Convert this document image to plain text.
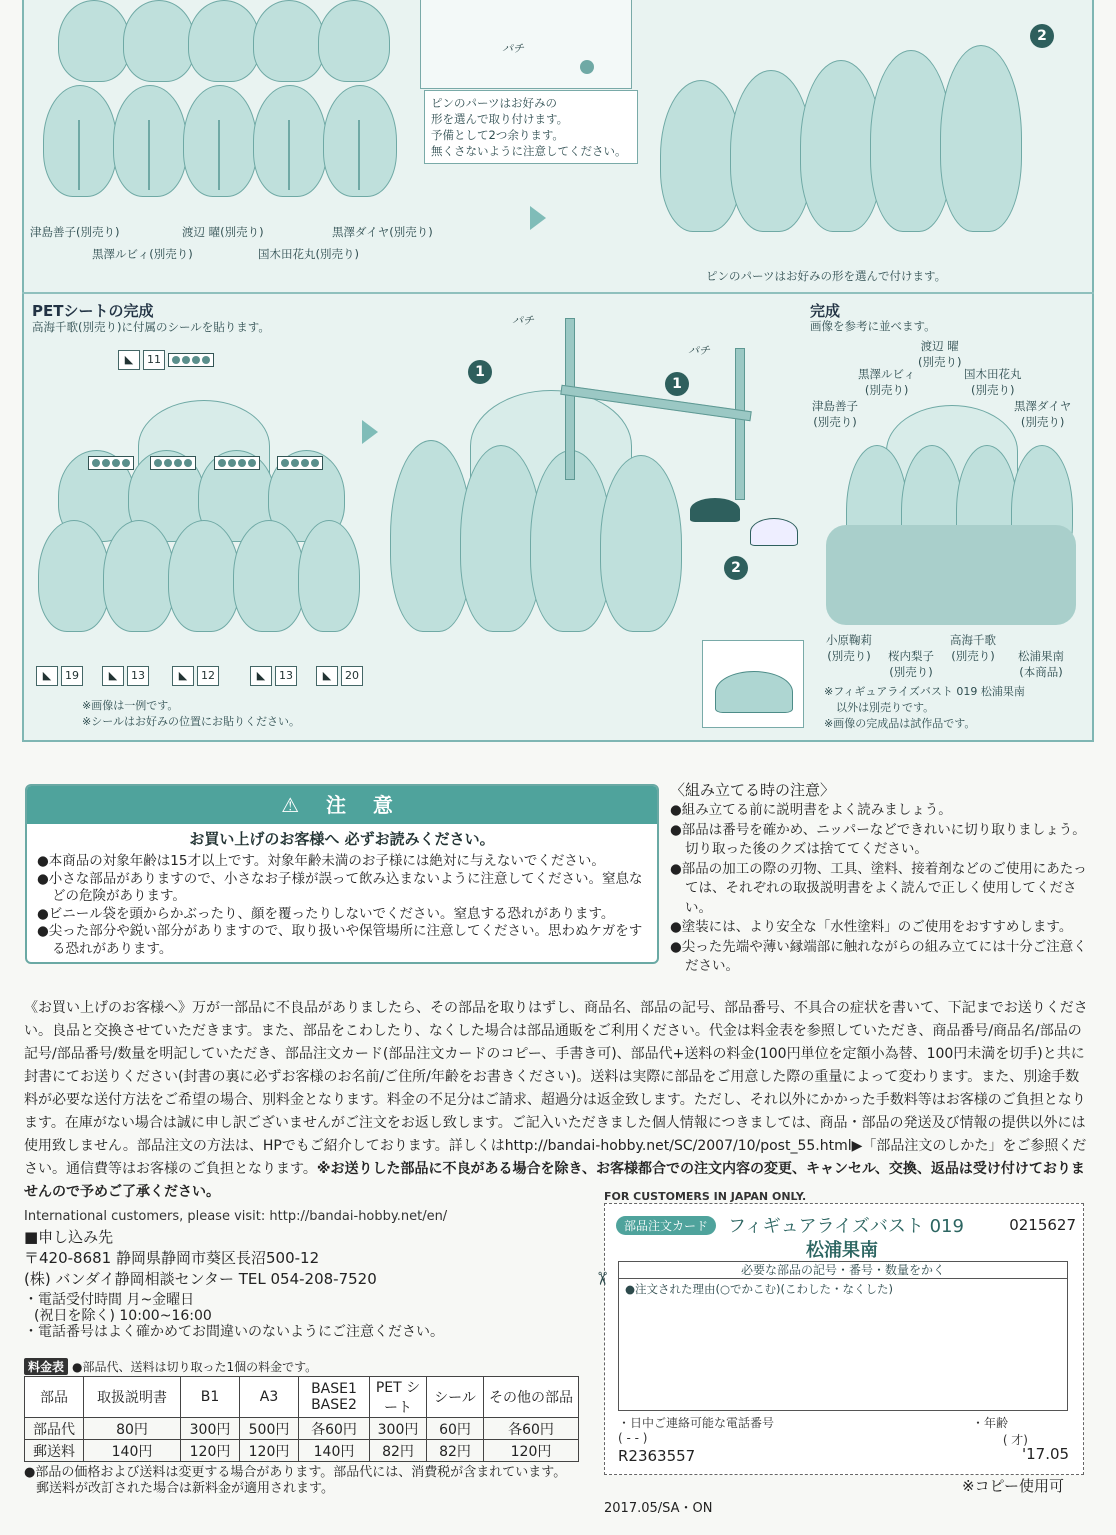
ピンのパーツはお好みの
形を選んで取り付けます。
予備として2つ余ります。
無くさないように注意してください。
パチ
津島善子(別売り)
黒澤ルビィ(別売り)
渡辺 曜(別売り)
国木田花丸(別売り)
黒澤ダイヤ(別売り)
2
ピンのパーツはお好みの形を選んで付けます。
PETシートの完成
高海千歌(別売り)に付属のシールを貼ります。
◣	11
◣	19	◣	13	◣	12	◣	13	◣	20
※画像は一例です。
※シールはお好みの位置にお貼りください。
1
1
2
パチ
パチ
完成
画像を参考に並べます。
津島善子
(別売り)
黒澤ルビィ
(別売り)
渡辺 曜
(別売り)
国木田花丸
(別売り)
黒澤ダイヤ
(別売り)
小原鞠莉
(別売り) 桜内梨子
(別売り)
高海千歌
(別売り) 松浦果南
(本商品)
※フィギュアライズバスト 019 松浦果南
以外は別売りです。
※画像の完成品は試作品です。
⚠ 注 意
お買い上げのお客様へ 必ずお読みください。
●本商品の対象年齢は15才以上です。対象年齢未満のお子様には絶対に与えないでください。
●小さな部品がありますので、小さなお子様が誤って飲み込まないように注意してください。窒息などの危険があります。
●ビニール袋を頭からかぶったり、顔を覆ったりしないでください。窒息する恐れがあります。
●尖った部分や鋭い部分がありますので、取り扱いや保管場所に注意してください。思わぬケガをする恐れがあります。
〈組み立てる時の注意〉
●組み立てる前に説明書をよく読みましょう。
●部品は番号を確かめ、ニッパーなどできれいに切り取りましょう。切り取った後のクズは捨ててください。
●部品の加工の際の刃物、工具、塗料、接着剤などのご使用にあたっては、それぞれの取扱説明書をよく読んで正しく使用してください。
●塗装には、より安全な「水性塗料」のご使用をおすすめします。
●尖った先端や薄い縁端部に触れながらの組み立てには十分ご注意ください。
《お買い上げのお客様へ》万が一部品に不良品がありましたら、その部品を取りはずし、商品名、部品の記号、部品番号、不具合の症状を書いて、下記までお送りください。良品と交換させていただきます。また、部品をこわしたり、なくした場合は部品通販をご利用ください。代金は料金表を参照していただき、商品番号/商品名/部品の記号/部品番号/数量を明記していただき、部品注文カード(部品注文カードのコピー、手書き可)、部品代+送料の料金(100円単位を定額小為替、100円未満を切手)と共に封書にてお送りください(封書の裏に必ずお客様のお名前/ご住所/年齢をお書きください)。送料は実際に部品をご用意した際の重量によって変わります。また、別途手数料が必要な送付方法をご希望の場合、別料金となります。料金の不足分はご請求、超過分は返金致します。ただし、それ以外にかかった手数料等はお客様のご負担となります。在庫がない場合は誠に申し訳ございませんがご注文をお返し致します。ご記入いただきました個人情報につきましては、商品・部品の発送及び情報の提供以外には使用致しません。部品注文の方法は、HPでもご紹介しております。詳しくはhttp://bandai-hobby.net/SC/2007/10/post_55.html▶「部品注文のしかた」をご参照ください。通信費等はお客様のご負担となります。※お送りした部品に不良がある場合を除き、お客様都合での注文内容の変更、キャンセル、交換、返品は受け付けておりませんので予めご了承ください。
International customers, please visit: http://bandai-hobby.net/en/
■申し込み先
〒420-8681 静岡県静岡市葵区長沼500-12
(株) バンダイ静岡相談センター TEL 054-208-7520
・電話受付時間 月~金曜日
(祝日を除く) 10:00~16:00
・電話番号はよく確かめてお間違いのないようにご注意ください。
料金表 ●部品代、送料は切り取った1個の料金です。
部品	取扱説明書	B1	A3	BASE1 BASE2	PET シート	シール	その他の部品
部品代	80円	300円	500円	各60円	300円	60円	各60円
郵送料	140円	120円	120円	140円	82円	82円	120円
●部品の価格および送料は変更する場合があります。部品代には、消費税が含まれています。
郵送料が改訂された場合は新料金が適用されます。
2017.05/SA・ON
FOR CUSTOMERS IN JAPAN ONLY.
部品注文カード	フィギュアライズバスト 019	0215627
松浦果南
✂
必要な部品の記号・番号・数量をかく
●注文された理由(○でかこむ)(こわした・なくした)
・日中ご連絡可能な電話番号	・年齢
( - - )	( 才)
R2363557	'17.05
※コピー使用可
